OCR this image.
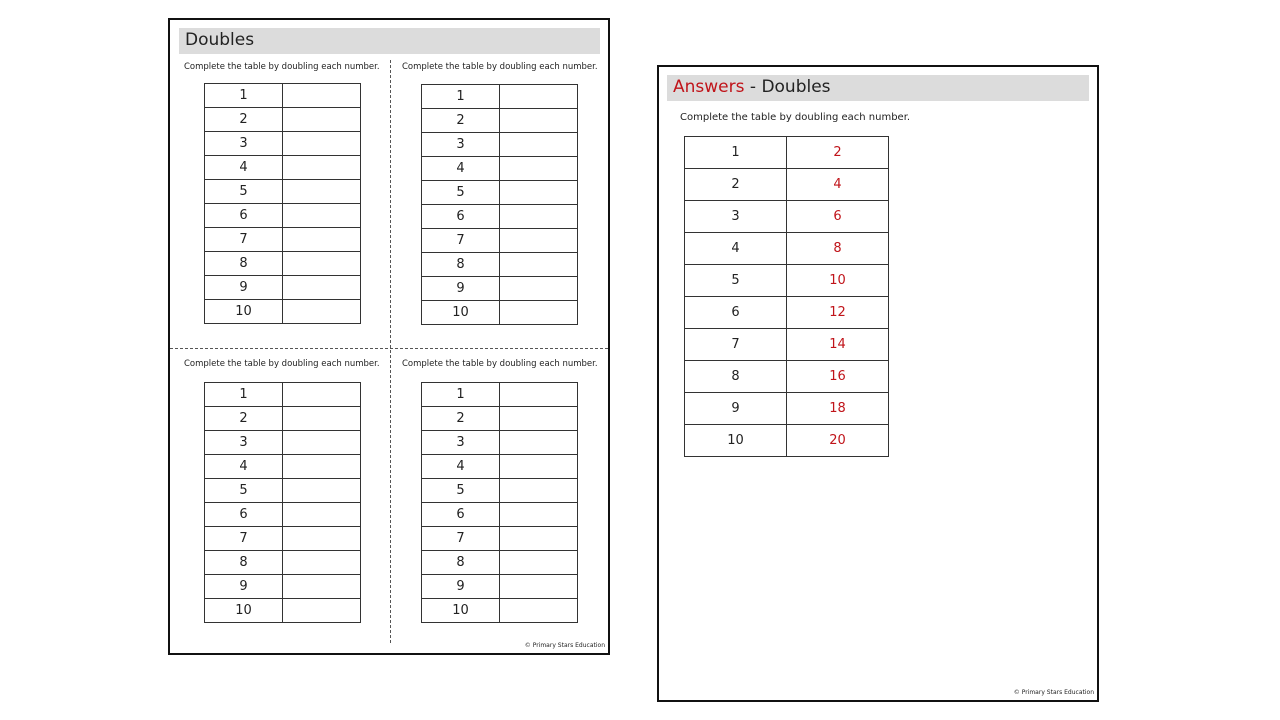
Doubles
© Primary Stars Education
Complete the table by doubling each number.
1	
2	
3	
4	
5	
6	
7	
8	
9	
10	
Complete the table by doubling each number.
1	
2	
3	
4	
5	
6	
7	
8	
9	
10	
Complete the table by doubling each number.
1	
2	
3	
4	
5	
6	
7	
8	
9	
10	
Complete the table by doubling each number.
1	
2	
3	
4	
5	
6	
7	
8	
9	
10	
Answers - Doubles
Complete the table by doubling each number.
1	2
2	4
3	6
4	8
5	10
6	12
7	14
8	16
9	18
10	20
© Primary Stars Education
